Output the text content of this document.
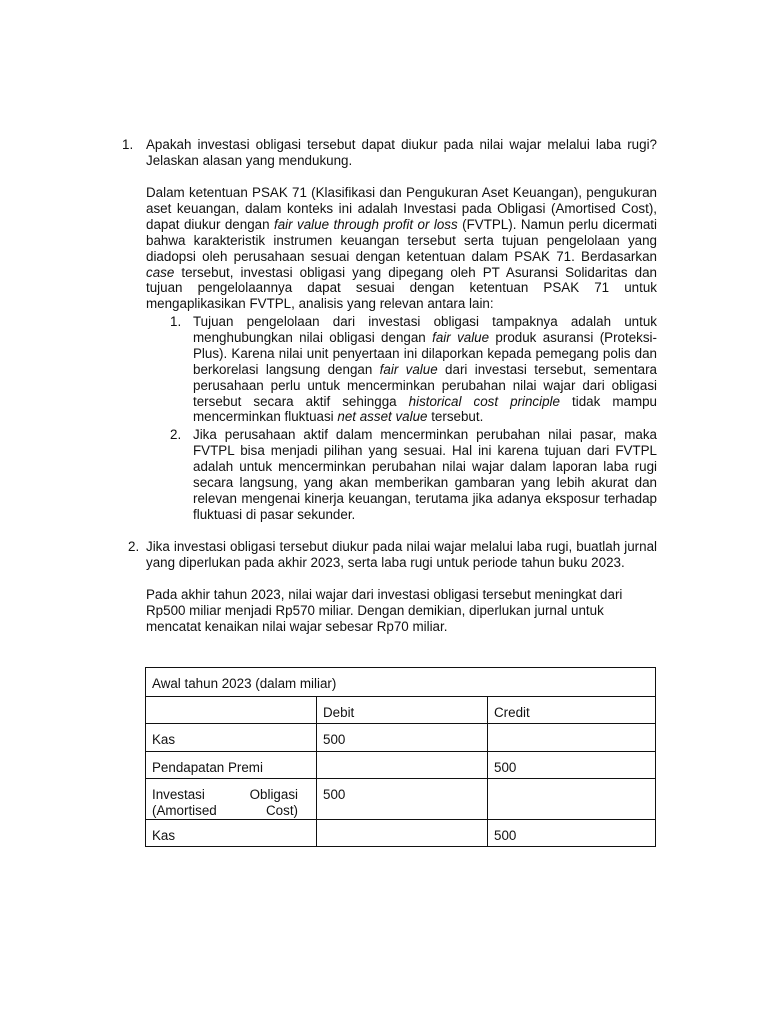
1. Apakah investasi obligasi tersebut dapat diukur pada nilai wajar melalui laba rugi? Jelaskan alasan yang mendukung.

Dalam ketentuan PSAK 71 (Klasifikasi dan Pengukuran Aset Keuangan), pengukuran aset keuangan, dalam konteks ini adalah Investasi pada Obligasi (Amortised Cost), dapat diukur dengan fair value through profit or loss (FVTPL). Namun perlu dicermati bahwa karakteristik instrumen keuangan tersebut serta tujuan pengelolaan yang diadopsi oleh perusahaan sesuai dengan ketentuan dalam PSAK 71. Berdasarkan case tersebut, investasi obligasi yang dipegang oleh PT Asuransi Solidaritas dan tujuan pengelolaannya dapat sesuai dengan ketentuan PSAK 71 untuk mengaplikasikan FVTPL, analisis yang relevan antara lain:

1. Tujuan pengelolaan dari investasi obligasi tampaknya adalah untuk menghubungkan nilai obligasi dengan fair value produk asuransi (Proteksi-Plus). Karena nilai unit penyertaan ini dilaporkan kepada pemegang polis dan berkorelasi langsung dengan fair value dari investasi tersebut, sementara perusahaan perlu untuk mencerminkan perubahan nilai wajar dari obligasi tersebut secara aktif sehingga historical cost principle tidak mampu mencerminkan fluktuasi net asset value tersebut.

2. Jika perusahaan aktif dalam mencerminkan perubahan nilai pasar, maka FVTPL bisa menjadi pilihan yang sesuai. Hal ini karena tujuan dari FVTPL adalah untuk mencerminkan perubahan nilai wajar dalam laporan laba rugi secara langsung, yang akan memberikan gambaran yang lebih akurat dan relevan mengenai kinerja keuangan, terutama jika adanya eksposur terhadap fluktuasi di pasar sekunder.

2. Jika investasi obligasi tersebut diukur pada nilai wajar melalui laba rugi, buatlah jurnal yang diperlukan pada akhir 2023, serta laba rugi untuk periode tahun buku 2023.

Pada akhir tahun 2023, nilai wajar dari investasi obligasi tersebut meningkat dari Rp500 miliar menjadi Rp570 miliar. Dengan demikian, diperlukan jurnal untuk mencatat kenaikan nilai wajar sebesar Rp70 miliar.

Awal tahun 2023 (dalam miliar)		
	Debit	Credit
Kas	500	
Pendapatan Premi		500

Investasi Obligasi (Amortised Cost)	500	
Kas		500
